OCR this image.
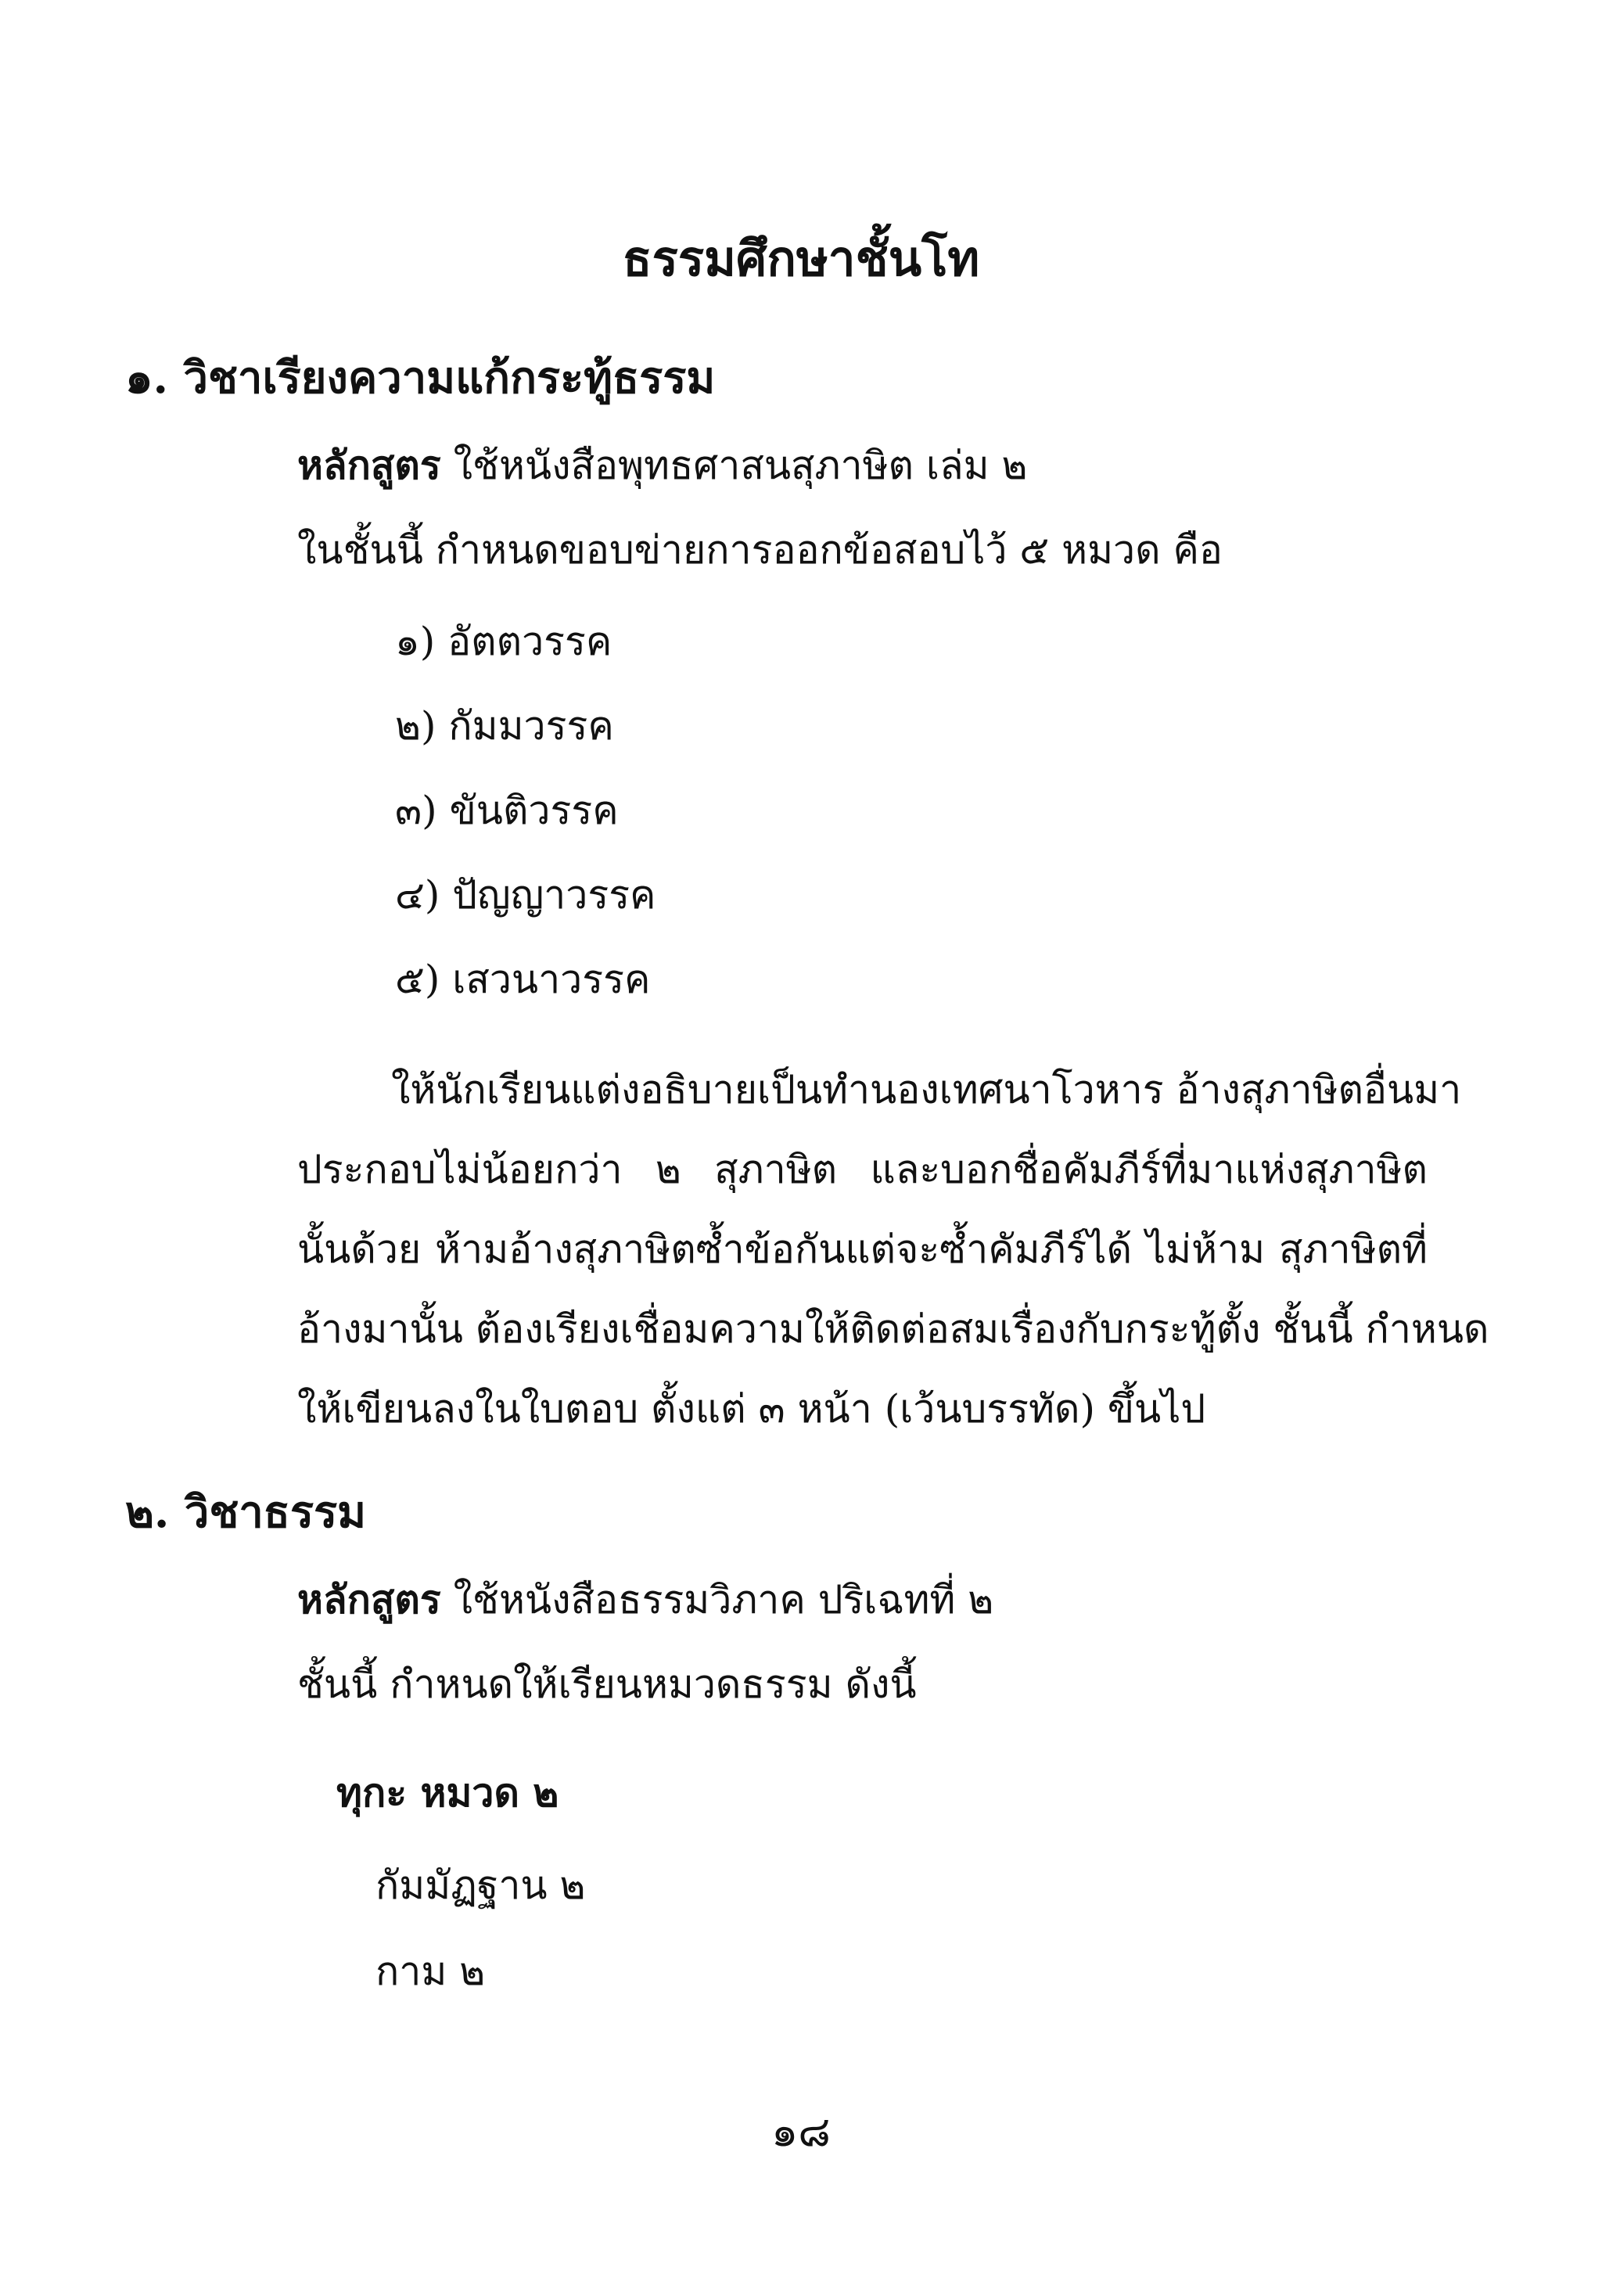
ธรรมศึกษาชั้นโท
๑. วิชาเรียงความแก้กระทู้ธรรม
หลักสูตร ใช้หนังสือพุทธศาสนสุภาษิต เล่ม ๒
ในชั้นนี้ กำหนดขอบข่ายการออกข้อสอบไว้ ๕ หมวด คือ
๑) อัตตวรรค
๒) กัมมวรรค
๓) ขันติวรรค
๔) ปัญญาวรรค
๕) เสวนาวรรค
ให้นักเรียนแต่งอธิบายเป็นทำนองเทศนาโวหาร อ้างสุภาษิตอื่นมา
ประกอบไม่น้อยกว่า ๒ สุภาษิต และบอกชื่อคัมภีร์ที่มาแห่งสุภาษิต
นั้นด้วย ห้ามอ้างสุภาษิตซ้ำข้อกันแต่จะซ้ำคัมภีร์ได้ ไม่ห้าม สุภาษิตที่
อ้างมานั้น ต้องเรียงเชื่อมความให้ติดต่อสมเรื่องกับกระทู้ตั้ง ชั้นนี้ กำหนด
ให้เขียนลงในใบตอบ ตั้งแต่ ๓ หน้า (เว้นบรรทัด) ขึ้นไป
๒. วิชาธรรม
หลักสูตร ใช้หนังสือธรรมวิภาค ปริเฉทที่ ๒
ชั้นนี้ กำหนดให้เรียนหมวดธรรม ดังนี้
ทุกะ หมวด ๒
กัมมัฏฐาน ๒
กาม ๒
๑๘
